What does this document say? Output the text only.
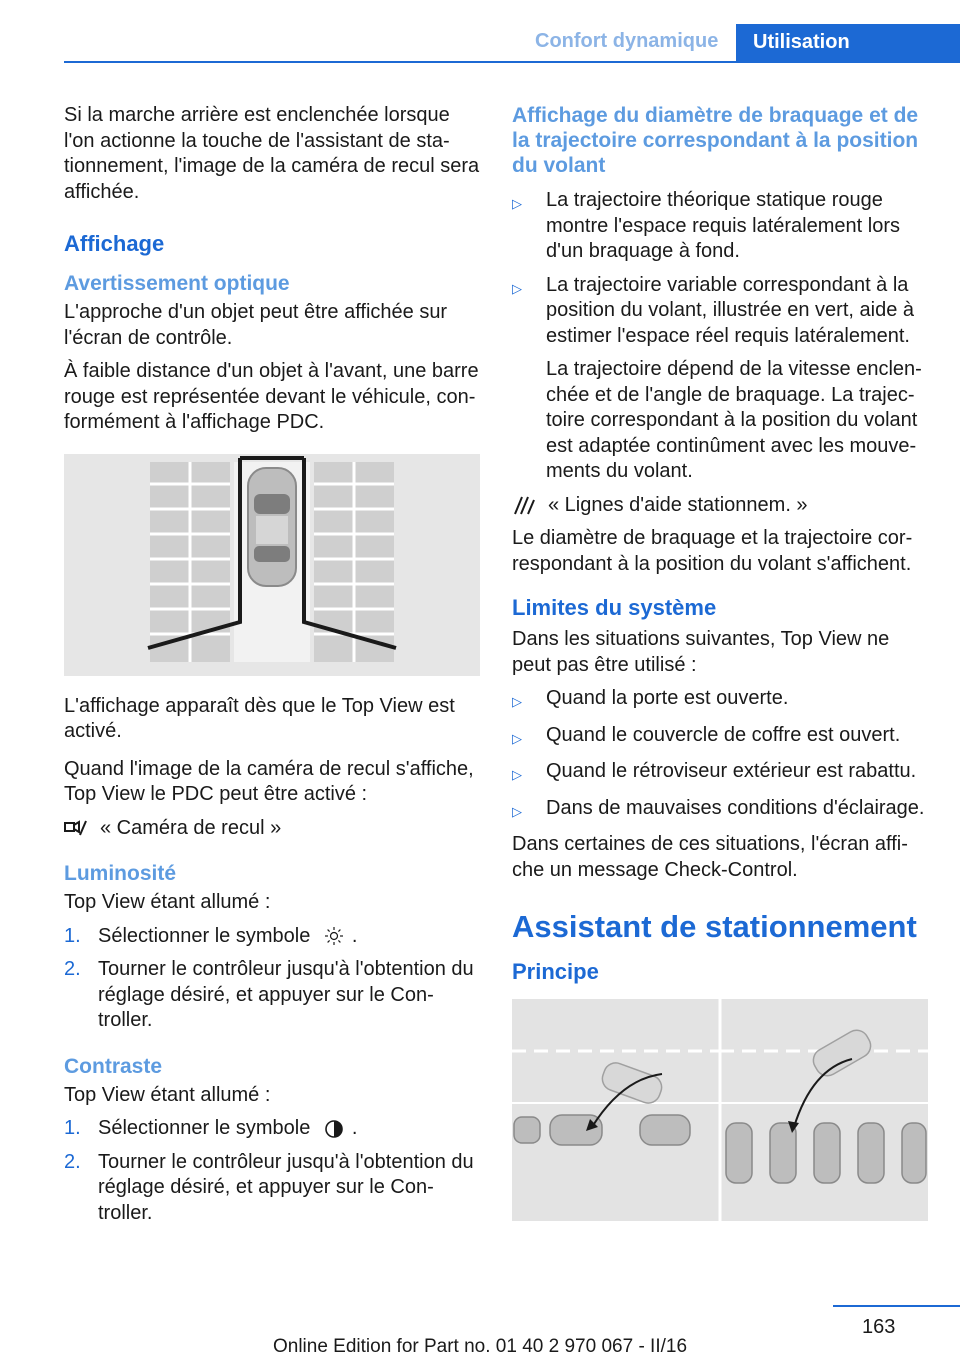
Confort dynamique Utilisation

Si la marche arrière est enclenchée lorsque l'on actionne la touche de l'assistant de sta-tionnement, l'image de la caméra de recul sera affichée.

Affichage
Avertissement optique

L'approche d'un objet peut être affichée sur l'écran de contrôle.

À faible distance d'un objet à l'avant, une barre rouge est représentée devant le véhicule, con-formément à l'affichage PDC.

L'affichage apparaît dès que le Top View est activé.

Quand l'image de la caméra de recul s'affiche, Top View le PDC peut être activé :

« Caméra de recul »
Luminosité

Top View étant allumé :

1. Sélectionner le symbole .
2. Tourner le contrôleur jusqu'à l'obtention du réglage désiré, et appuyer sur le Con-troller.
Contraste

Top View étant allumé :

1. Sélectionner le symbole .
2. Tourner le contrôleur jusqu'à l'obtention du réglage désiré, et appuyer sur le Con-troller.
Affichage du diamètre de braquage et de la trajectoire correspondant à la position du volant
▷	La trajectoire théorique statique rouge montre l'espace requis latéralement lors d'un braquage à fond.
▷	La trajectoire variable correspondant à la position du volant, illustrée en vert, aide à estimer l'espace réel requis latéralement.

La trajectoire dépend de la vitesse enclen-chée et de l'angle de braquage. La trajec-toire correspondant à la position du volant est adaptée continûment avec les mouve-ments du volant.

« Lignes d'aide stationnem. »

Le diamètre de braquage et la trajectoire cor-respondant à la position du volant s'affichent.

Limites du système

Dans les situations suivantes, Top View ne peut pas être utilisé :

▷	Quand la porte est ouverte.
▷	Quand le couvercle de coffre est ouvert.
▷	Quand le rétroviseur extérieur est rabattu.
▷	Dans de mauvaises conditions d'éclairage.

Dans certaines de ces situations, l'écran affi-che un message Check-Control.

Assistant de stationnement
Principe
163
Online Edition for Part no. 01 40 2 970 067 - II/16
